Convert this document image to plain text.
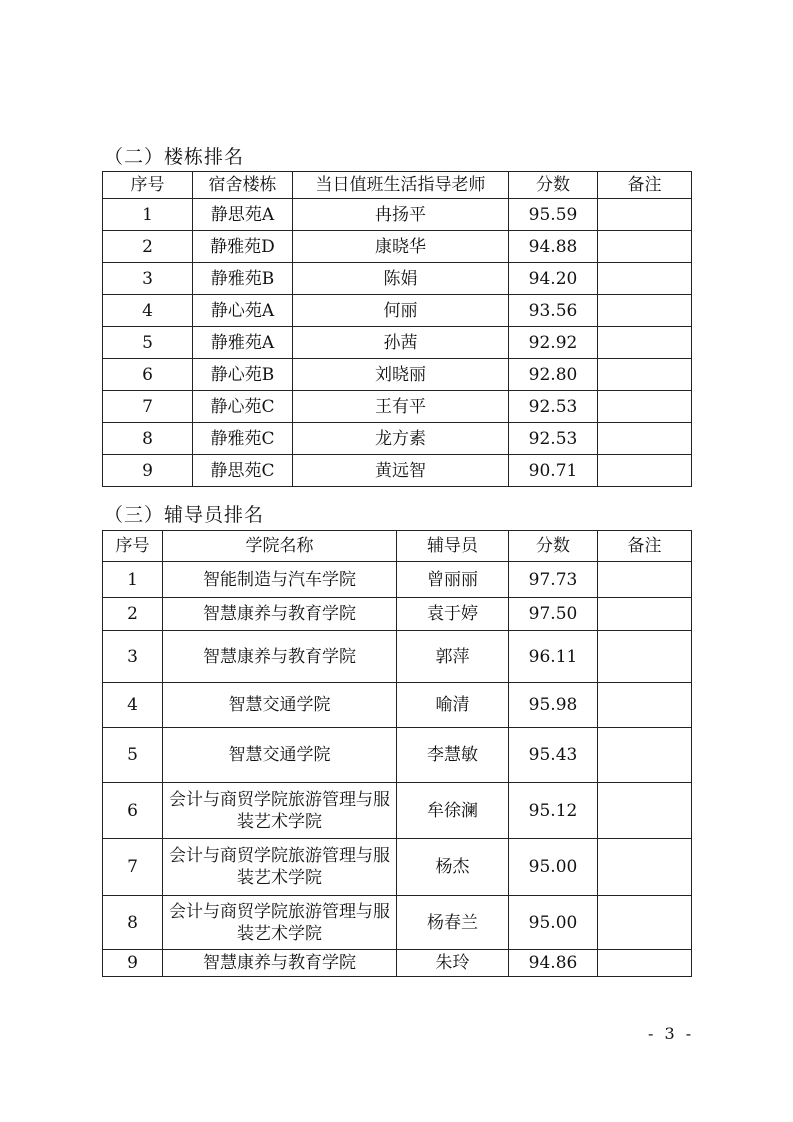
（二）楼栋排名
序号	宿舍楼栋	当日值班生活指导老师	分数	备注
1	静思苑A	冉扬平	95.59	
2	静雅苑D	康晓华	94.88	
3	静雅苑B	陈娟	94.20	
4	静心苑A	何丽	93.56	
5	静雅苑A	孙茜	92.92	
6	静心苑B	刘晓丽	92.80	
7	静心苑C	王有平	92.53	
8	静雅苑C	龙方素	92.53	
9	静思苑C	黄远智	90.71	
（三）辅导员排名
序号	学院名称	辅导员	分数	备注
1	智能制造与汽车学院	曾丽丽	97.73	
2	智慧康养与教育学院	袁于婷	97.50	
3	智慧康养与教育学院	郭萍	96.11	
4	智慧交通学院	喻清	95.98	
5	智慧交通学院	李慧敏	95.43	
6	会计与商贸学院旅游管理与服装艺术学院	牟徐澜	95.12	
7	会计与商贸学院旅游管理与服装艺术学院	杨杰	95.00	
8	会计与商贸学院旅游管理与服装艺术学院	杨春兰	95.00	
9	智慧康养与教育学院	朱玲	94.86	
- 3 -
